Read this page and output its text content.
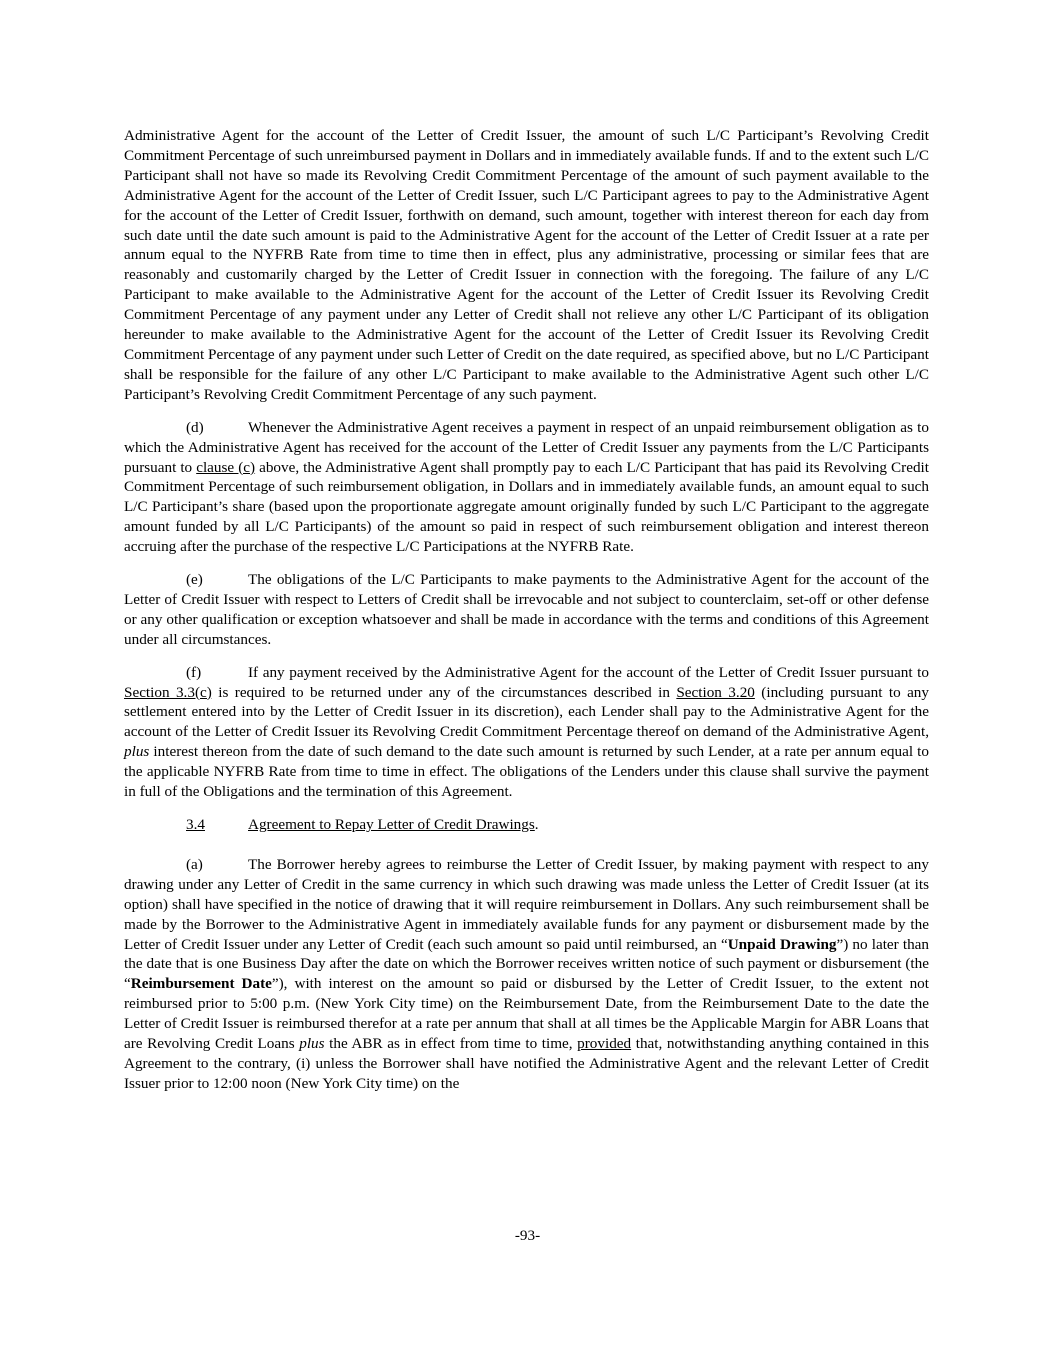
Administrative Agent for the account of the Letter of Credit Issuer, the amount of such L/C Participant’s Revolving Credit Commitment Percentage of such unreimbursed payment in Dollars and in immediately available funds. If and to the extent such L/C Participant shall not have so made its Revolving Credit Commitment Percentage of the amount of such payment available to the Administrative Agent for the account of the Letter of Credit Issuer, such L/C Participant agrees to pay to the Administrative Agent for the account of the Letter of Credit Issuer, forthwith on demand, such amount, together with interest thereon for each day from such date until the date such amount is paid to the Administrative Agent for the account of the Letter of Credit Issuer at a rate per annum equal to the NYFRB Rate from time to time then in effect, plus any administrative, processing or similar fees that are reasonably and customarily charged by the Letter of Credit Issuer in connection with the foregoing. The failure of any L/C Participant to make available to the Administrative Agent for the account of the Letter of Credit Issuer its Revolving Credit Commitment Percentage of any payment under any Letter of Credit shall not relieve any other L/C Participant of its obligation hereunder to make available to the Administrative Agent for the account of the Letter of Credit Issuer its Revolving Credit Commitment Percentage of any payment under such Letter of Credit on the date required, as specified above, but no L/C Participant shall be responsible for the failure of any other L/C Participant to make available to the Administrative Agent such other L/C Participant’s Revolving Credit Commitment Percentage of any such payment.

(d)	Whenever the Administrative Agent receives a payment in respect of an unpaid reimbursement obligation as to which the Administrative Agent has received for the account of the Letter of Credit Issuer any payments from the L/C Participants pursuant to clause (c) above, the Administrative Agent shall promptly pay to each L/C Participant that has paid its Revolving Credit Commitment Percentage of such reimbursement obligation, in Dollars and in immediately available funds, an amount equal to such L/C Participant’s share (based upon the proportionate aggregate amount originally funded by such L/C Participant to the aggregate amount funded by all L/C Participants) of the amount so paid in respect of such reimbursement obligation and interest thereon accruing after the purchase of the respective L/C Participations at the NYFRB Rate.

(e)	The obligations of the L/C Participants to make payments to the Administrative Agent for the account of the Letter of Credit Issuer with respect to Letters of Credit shall be irrevocable and not subject to counterclaim, set-off or other defense or any other qualification or exception whatsoever and shall be made in accordance with the terms and conditions of this Agreement under all circumstances.

(f)	If any payment received by the Administrative Agent for the account of the Letter of Credit Issuer pursuant to Section 3.3(c) is required to be returned under any of the circumstances described in Section 3.20 (including pursuant to any settlement entered into by the Letter of Credit Issuer in its discretion), each Lender shall pay to the Administrative Agent for the account of the Letter of Credit Issuer its Revolving Credit Commitment Percentage thereof on demand of the Administrative Agent, plus interest thereon from the date of such demand to the date such amount is returned by such Lender, at a rate per annum equal to the applicable NYFRB Rate from time to time in effect. The obligations of the Lenders under this clause shall survive the payment in full of the Obligations and the termination of this Agreement.

3.4	Agreement to Repay Letter of Credit Drawings.

(a)	The Borrower hereby agrees to reimburse the Letter of Credit Issuer, by making payment with respect to any drawing under any Letter of Credit in the same currency in which such drawing was made unless the Letter of Credit Issuer (at its option) shall have specified in the notice of drawing that it will require reimbursement in Dollars. Any such reimbursement shall be made by the Borrower to the Administrative Agent in immediately available funds for any payment or disbursement made by the Letter of Credit Issuer under any Letter of Credit (each such amount so paid until reimbursed, an “Unpaid Drawing”) no later than the date that is one Business Day after the date on which the Borrower receives written notice of such payment or disbursement (the “Reimbursement Date”), with interest on the amount so paid or disbursed by the Letter of Credit Issuer, to the extent not reimbursed prior to 5:00 p.m. (New York City time) on the Reimbursement Date, from the Reimbursement Date to the date the Letter of Credit Issuer is reimbursed therefor at a rate per annum that shall at all times be the Applicable Margin for ABR Loans that are Revolving Credit Loans plus the ABR as in effect from time to time, provided that, notwithstanding anything contained in this Agreement to the contrary, (i) unless the Borrower shall have notified the Administrative Agent and the relevant Letter of Credit Issuer prior to 12:00 noon (New York City time) on the

-93-
